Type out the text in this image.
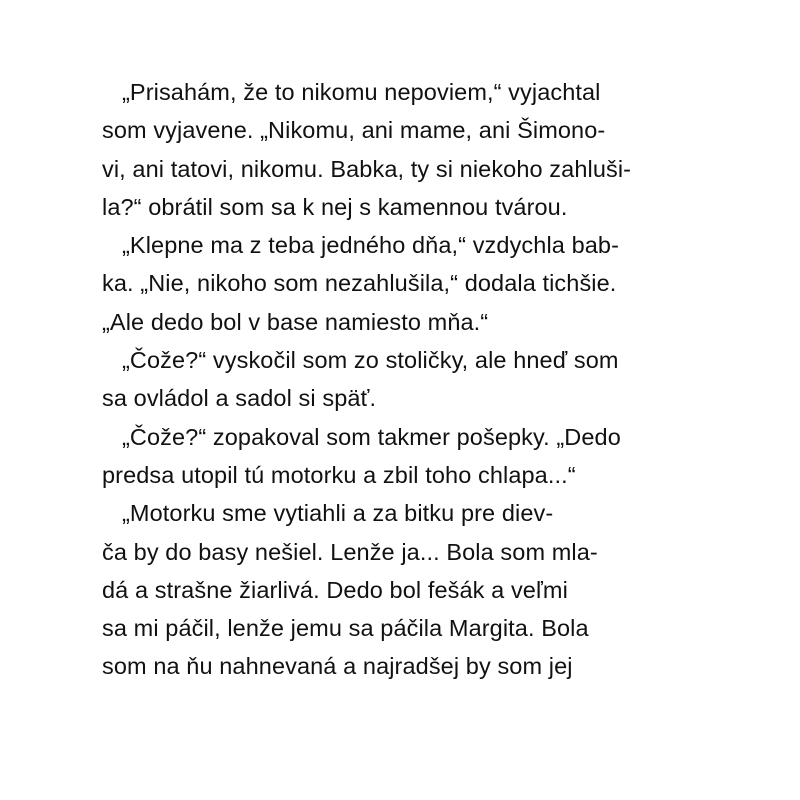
„Prisahám, že to nikomu nepoviem,“ vyjachtal
som vyjavene. „Nikomu, ani mame, ani Šimono-
vi, ani tatovi, nikomu. Babka, ty si niekoho zahluši-
la?“ obrátil som sa k nej s kamennou tvárou.
„Klepne ma z teba jedného dňa,“ vzdychla bab-
ka. „Nie, nikoho som nezahlušila,“ dodala tichšie.
„Ale dedo bol v base namiesto mňa.“
„Čože?“ vyskočil som zo stoličky, ale hneď som
sa ovládol a sadol si späť.
„Čože?“ zopakoval som takmer pošepky. „Dedo
predsa utopil tú motorku a zbil toho chlapa...“
„Motorku sme vytiahli a za bitku pre diev-
ča by do basy nešiel. Lenže ja... Bola som mla-
dá a strašne žiarlivá. Dedo bol fešák a veľmi
sa mi páčil, lenže jemu sa páčila Margita. Bola
som na ňu nahnevaná a najradšej by som jej
